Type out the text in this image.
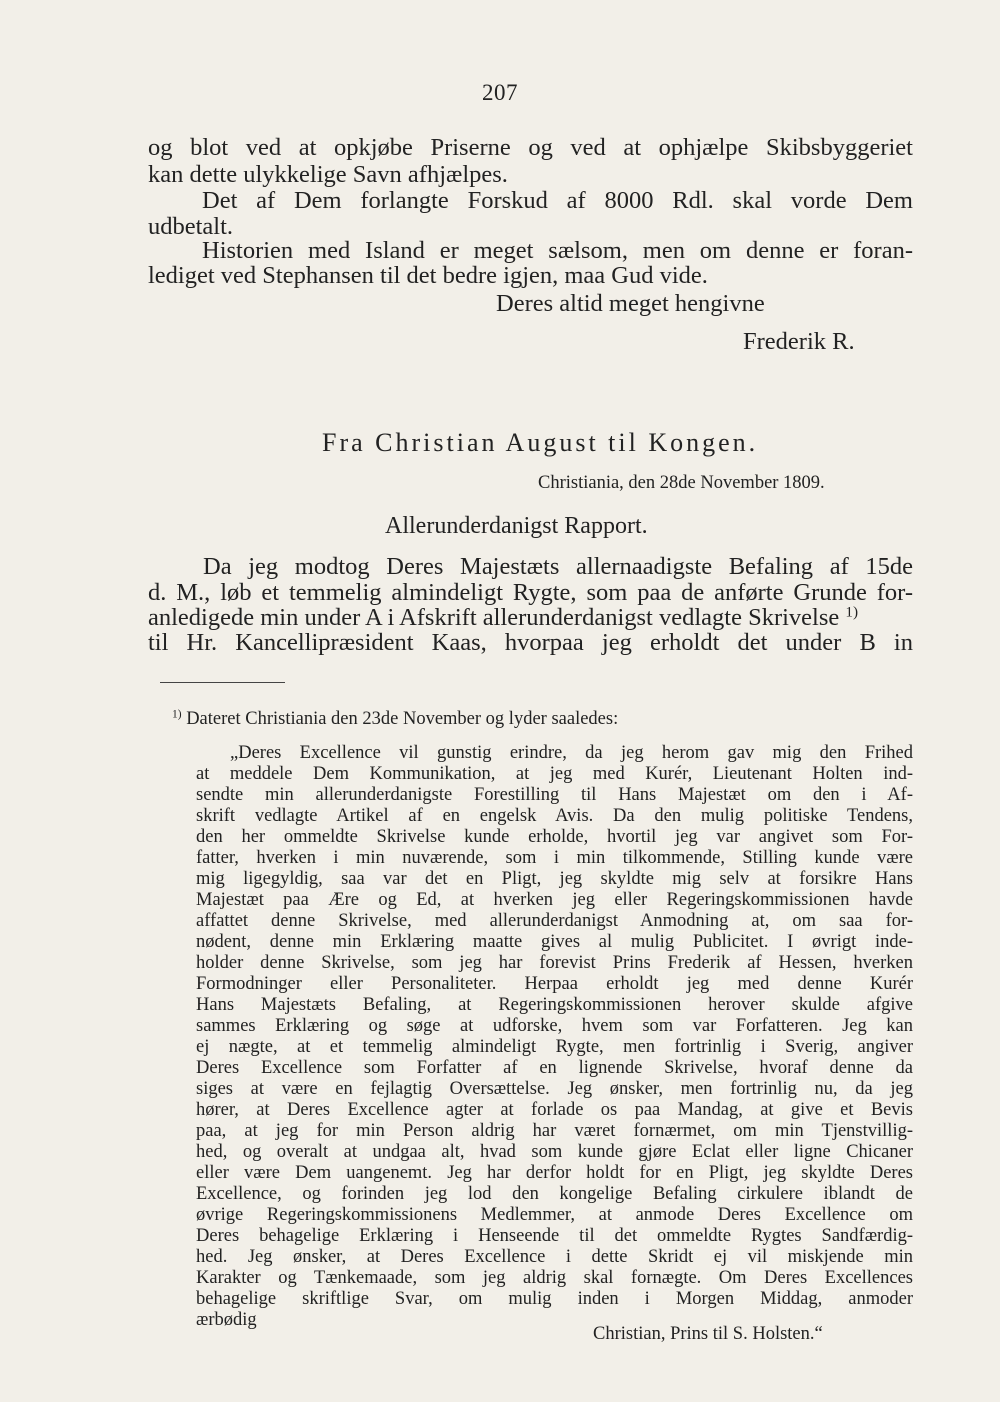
207
og blot ved at opkjøbe Priserne og ved at ophjælpe Skibsbyggeriet
kan dette ulykkelige Savn afhjælpes.
Det af Dem forlangte Forskud af 8000 Rdl. skal vorde Dem
udbetalt.
Historien med Island er meget sælsom, men om denne er foran-
lediget ved Stephansen til det bedre igjen, maa Gud vide.
Deres altid meget hengivne
Frederik R.
Fra Christian August til Kongen.
Christiania, den 28de November 1809.
Allerunderdanigst Rapport.
Da jeg modtog Deres Majestæts allernaadigste Befaling af 15de
d. M., løb et temmelig almindeligt Rygte, som paa de anførte Grunde for-
anledigede min under A i Afskrift allerunderdanigst vedlagte Skrivelse $^{1)}$
til Hr. Kancellipræsident Kaas, hvorpaa jeg erholdt det under B in
$^{1)}$ Dateret Christiania den 23de November og lyder saaledes:
„Deres Excellence vil gunstig erindre, da jeg herom gav mig den Frihed
at meddele Dem Kommunikation, at jeg med Kurér, Lieutenant Holten ind-
sendte min allerunderdanigste Forestilling til Hans Majestæt om den i Af-
skrift vedlagte Artikel af en engelsk Avis. Da den mulig politiske Tendens,
den her ommeldte Skrivelse kunde erholde, hvortil jeg var angivet som For-
fatter, hverken i min nuværende, som i min tilkommende, Stilling kunde være
mig ligegyldig, saa var det en Pligt, jeg skyldte mig selv at forsikre Hans
Majestæt paa Ære og Ed, at hverken jeg eller Regeringskommissionen havde
affattet denne Skrivelse, med allerunderdanigst Anmodning at, om saa for-
nødent, denne min Erklæring maatte gives al mulig Publicitet. I øvrigt inde-
holder denne Skrivelse, som jeg har forevist Prins Frederik af Hessen, hverken
Formodninger eller Personaliteter. Herpaa erholdt jeg med denne Kurér
Hans Majestæts Befaling, at Regeringskommissionen herover skulde afgive
sammes Erklæring og søge at udforske, hvem som var Forfatteren. Jeg kan
ej nægte, at et temmelig almindeligt Rygte, men fortrinlig i Sverig, angiver
Deres Excellence som Forfatter af en lignende Skrivelse, hvoraf denne da
siges at være en fejlagtig Oversættelse. Jeg ønsker, men fortrinlig nu, da jeg
hører, at Deres Excellence agter at forlade os paa Mandag, at give et Bevis
paa, at jeg for min Person aldrig har været fornærmet, om min Tjenstvillig-
hed, og overalt at undgaa alt, hvad som kunde gjøre Eclat eller ligne Chicaner
eller være Dem uangenemt. Jeg har derfor holdt for en Pligt, jeg skyldte Deres
Excellence, og forinden jeg lod den kongelige Befaling cirkulere iblandt de
øvrige Regeringskommissionens Medlemmer, at anmode Deres Excellence om
Deres behagelige Erklæring i Henseende til det ommeldte Rygtes Sandfærdig-
hed. Jeg ønsker, at Deres Excellence i dette Skridt ej vil miskjende min
Karakter og Tænkemaade, som jeg aldrig skal fornægte. Om Deres Excellences
behagelige skriftlige Svar, om mulig inden i Morgen Middag, anmoder
ærbødig
Christian, Prins til S. Holsten.“
